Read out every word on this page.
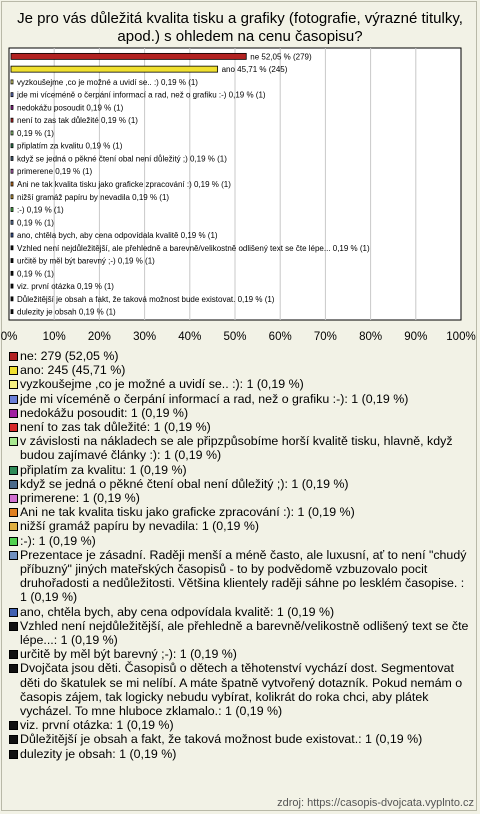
Je pro vás důležitá kvalita tisku a grafiky (fotografie, výrazné titulky, apod.) s ohledem na cenu časopisu?
0% 10% 20% 30% 40% 50% 60% 70% 80% 90% 100%
ne 52,05 % (279)
ano 45,71 % (245)
vyzkoušejme ,co je možné a uvidí se.. :) 0,19 % (1)
jde mi víceméně o čerpání informací a rad, než o grafiku :-) 0,19 % (1)
nedokážu posoudit 0,19 % (1)
není to zas tak důležité 0,19 % (1)
0,19 % (1)
připlatím za kvalitu 0,19 % (1)
když se jedná o pěkné čtení obal není důležitý ;) 0,19 % (1)
primerene 0,19 % (1)
Ani ne tak kvalita tisku jako graficke zpracování :) 0,19 % (1)
nižší gramáž papíru by nevadila 0,19 % (1)
:-) 0,19 % (1)
0,19 % (1)
ano, chtěla bych, aby cena odpovídala kvalitě 0,19 % (1)
Vzhled není nejdůležitější, ale přehledně a barevně/velikostně odlišený text se čte lépe... 0,19 % (1)
určitě by měl být barevný ;-) 0,19 % (1)
0,19 % (1)
viz. první otázka 0,19 % (1)
Důležitější je obsah a fakt, že taková možnost bude existovat. 0,19 % (1)
dulezity je obsah 0,19 % (1)
ne: 279 (52,05 %)
ano: 245 (45,71 %)
vyzkoušejme ,co je možné a uvidí se.. :): 1 (0,19 %)
jde mi víceméně o čerpání informací a rad, než o grafiku :-): 1 (0,19 %)
nedokážu posoudit: 1 (0,19 %)
není to zas tak důležité: 1 (0,19 %)
v závislosti na nákladech se ale připzpůsobíme horší kvalitě tisku, hlavně, když budou zajímavé články :): 1 (0,19 %)
připlatím za kvalitu: 1 (0,19 %)
když se jedná o pěkné čtení obal není důležitý ;): 1 (0,19 %)
primerene: 1 (0,19 %)
Ani ne tak kvalita tisku jako graficke zpracování :): 1 (0,19 %)
nižší gramáž papíru by nevadila: 1 (0,19 %)
:-): 1 (0,19 %)
Prezentace je zásadní. Raději menší a méně často, ale luxusní, ať to není "chudý příbuzný" jiných mateřských časopisů - to by podvědomě vzbuzovalo pocit druhořadosti a nedůležitosti. Většina klientely raději sáhne po lesklém časopise. : 1 (0,19 %)
ano, chtěla bych, aby cena odpovídala kvalitě: 1 (0,19 %)
Vzhled není nejdůležitější, ale přehledně a barevně/velikostně odlišený text se čte lépe...: 1 (0,19 %)
určitě by měl být barevný ;-): 1 (0,19 %)
Dvojčata jsou děti. Časopisů o dětech a těhotenství vychází dost. Segmentovat děti do škatulek se mi nelíbí. A máte špatně vytvořený dotazník. Pokud nemám o časopis zájem, tak logicky nebudu vybírat, kolikrát do roka chci, aby plátek vycházel. To mne hluboce zklamalo.: 1 (0,19 %)
viz. první otázka: 1 (0,19 %)
Důležitější je obsah a fakt, že taková možnost bude existovat.: 1 (0,19 %)
dulezity je obsah: 1 (0,19 %)
zdroj: https://casopis-dvojcata.vyplnto.cz
